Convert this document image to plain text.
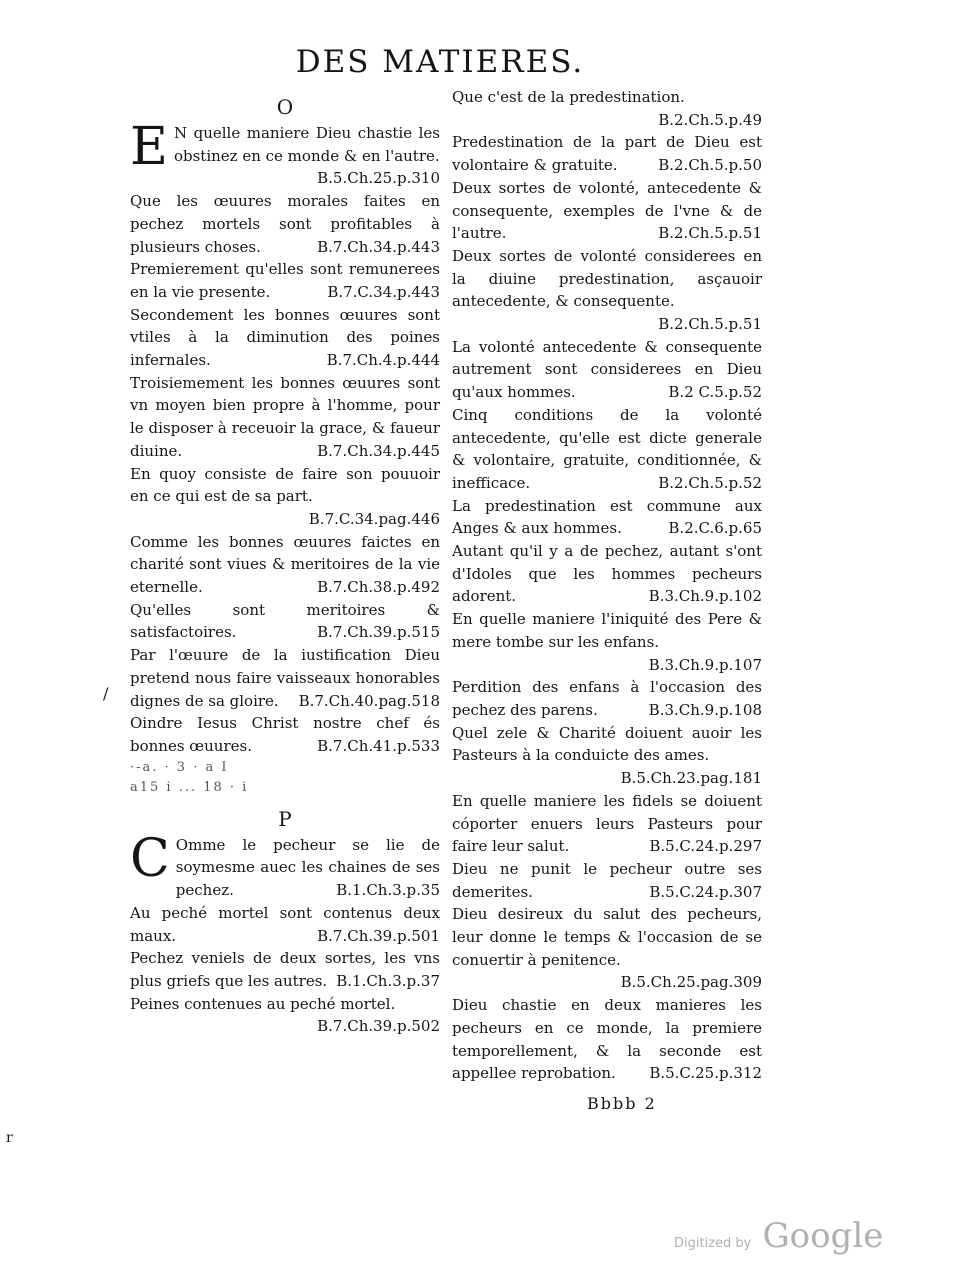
DES MATIERES.
O

E N quelle maniere Dieu chastie les obstinez en ce monde & en l'autre.
B.5.Ch.25.p.310

Que les œuures morales faites en pechez mortels sont profitables à plusieurs choses.	B.7.Ch.34.p.443

Premierement qu'elles sont remunerees en la vie presente.	B.7.C.34.p.443

Secondement les bonnes œuures sont vtiles à la diminution des poines infernales.	B.7.Ch.4.p.444

Troisiemement les bonnes œuures sont vn moyen bien propre à l'homme, pour le disposer à receuoir la grace, & faueur diuine.	B.7.Ch.34.p.445

En quoy consiste de faire son pouuoir en ce qui est de sa part.
B.7.C.34.pag.446

Comme les bonnes œuures faictes en charité sont viues & meritoires de la vie eternelle.	B.7.Ch.38.p.492

Qu'elles sont meritoires & satisfactoires.	B.7.Ch.39.p.515

Par l'œuure de la iustification Dieu pretend nous faire vaisseaux honorables dignes de sa gloire.	B.7.Ch.40.pag.518

Oindre Iesus Christ nostre chef és bonnes œuures.	B.7.Ch.41.p.533

·-a. · 3 · a I
a15 i ... 18 · i
P

C Omme le pecheur se lie de soymesme auec les chaines de ses pechez.	B.1.Ch.3.p.35

Au peché mortel sont contenus deux maux.	B.7.Ch.39.p.501

Pechez veniels de deux sortes, les vns plus griefs que les autres. B.1.Ch.3.p.37

Peines contenues au peché mortel.
B.7.Ch.39.p.502

Que c'est de la predestination.
B.2.Ch.5.p.49

Predestination de la part de Dieu est volontaire & gratuite.	B.2.Ch.5.p.50

Deux sortes de volonté, antecedente & consequente, exemples de l'vne & de l'autre.	B.2.Ch.5.p.51

Deux sortes de volonté considerees en la diuine predestination, asçauoir antecedente, & consequente.
B.2.Ch.5.p.51

La volonté antecedente & consequente autrement sont considerees en Dieu qu'aux hommes.	B.2 C.5.p.52

Cinq conditions de la volonté antecedente, qu'elle est dicte generale & volontaire, gratuite, conditionnée, & inefficace.	B.2.Ch.5.p.52

La predestination est commune aux Anges & aux hommes.	B.2.C.6.p.65

Autant qu'il y a de pechez, autant s'ont d'Idoles que les hommes pecheurs adorent.	B.3.Ch.9.p.102

En quelle maniere l'iniquité des Pere & mere tombe sur les enfans.
B.3.Ch.9.p.107

Perdition des enfans à l'occasion des pechez des parens.	B.3.Ch.9.p.108

Quel zele & Charité doiuent auoir les Pasteurs à la conduicte des ames.
B.5.Ch.23.pag.181

En quelle maniere les fidels se doiuent cóporter enuers leurs Pasteurs pour faire leur salut.	B.5.C.24.p.297

Dieu ne punit le pecheur outre ses demerites.	B.5.C.24.p.307

Dieu desireux du salut des pecheurs, leur donne le temps & l'occasion de se conuertir à penitence.
B.5.Ch.25.pag.309

Dieu chastie en deux manieres les pecheurs en ce monde, la premiere temporellement, & la seconde est appellee reprobation.	B.5.C.25.p.312

/
r
Bbbb 2
Digitized by Google
